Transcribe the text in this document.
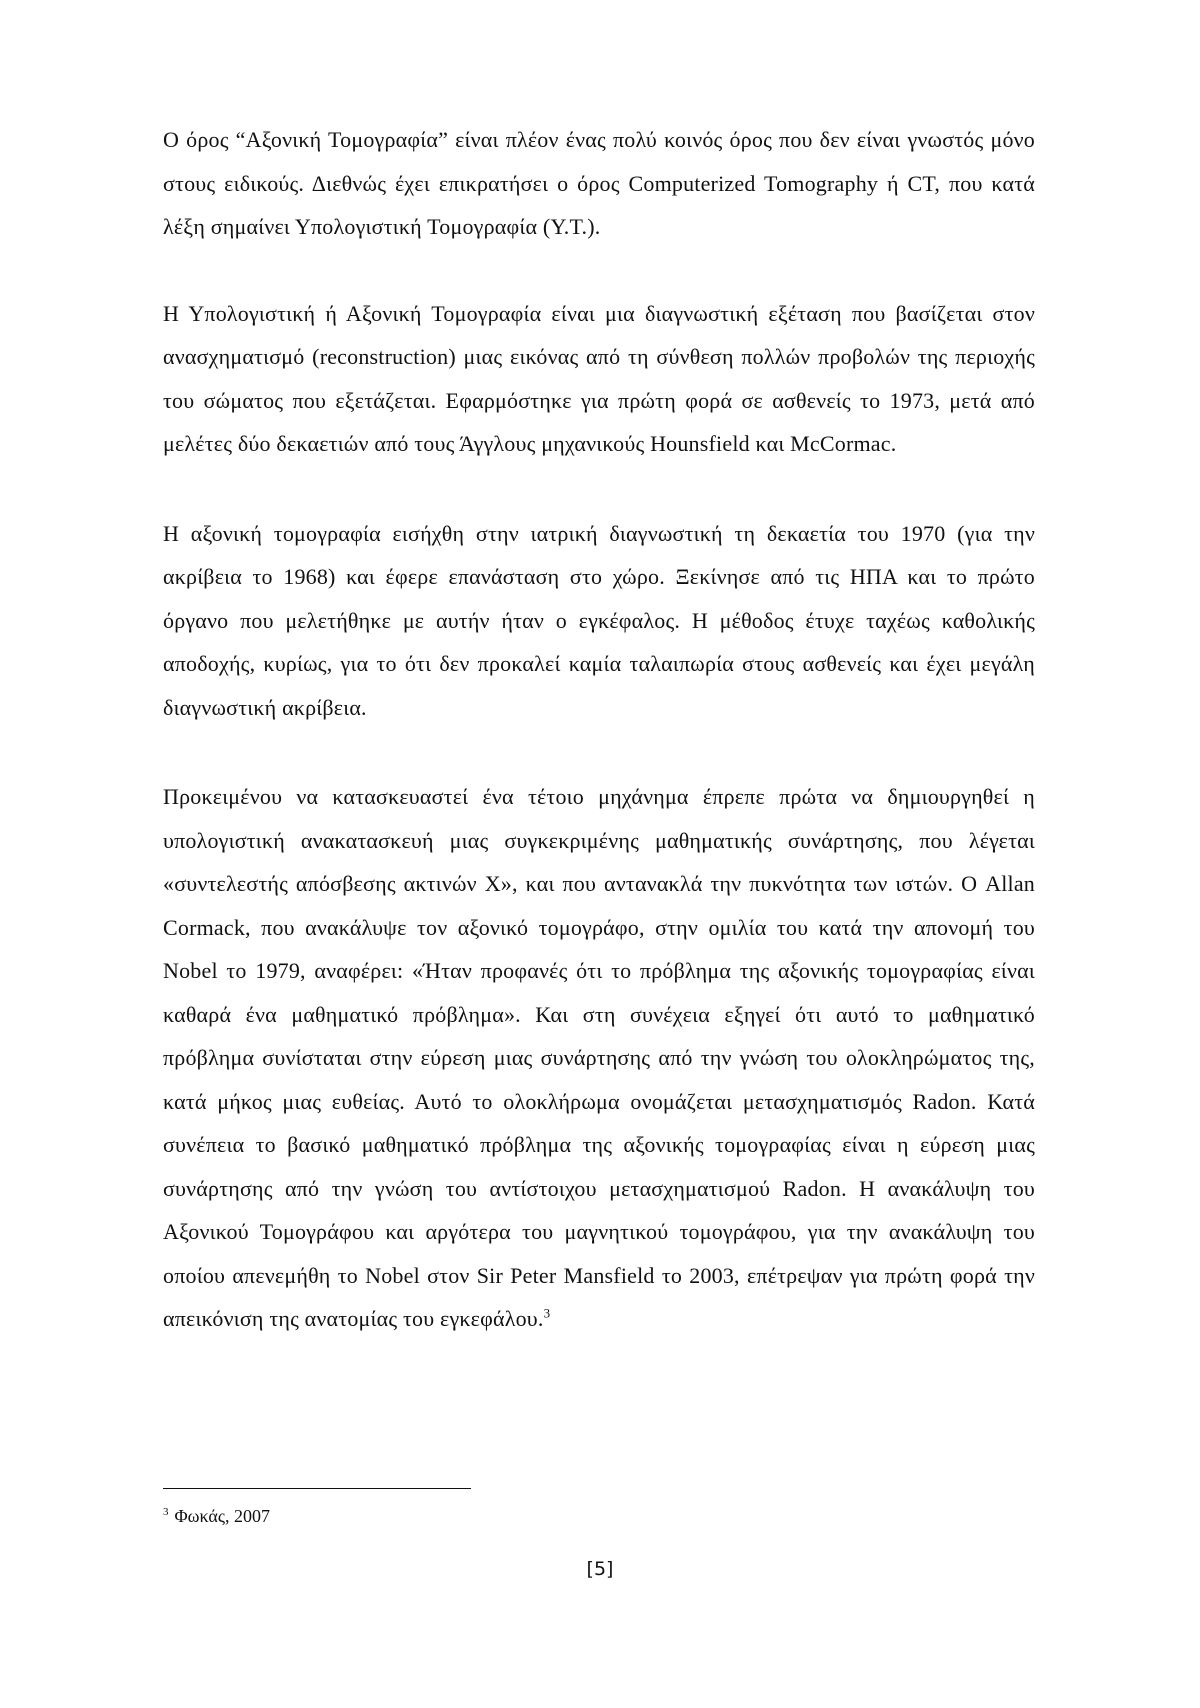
Ο όρος “Αξονική Τομογραφία” είναι πλέον ένας πολύ κοινός όρος που δεν είναι γνωστός μόνο στους ειδικούς. Διεθνώς έχει επικρατήσει ο όρος Computerized Tomography ή CT, που κατά λέξη σημαίνει Υπολογιστική Τομογραφία (Υ.Τ.).

Η Υπολογιστική ή Αξονική Τομογραφία είναι μια διαγνωστική εξέταση που βασίζεται στον ανασχηματισμό (reconstruction) μιας εικόνας από τη σύνθεση πολλών προβολών της περιοχής του σώματος που εξετάζεται. Εφαρμόστηκε για πρώτη φορά σε ασθενείς το 1973, μετά από μελέτες δύο δεκαετιών από τους Άγγλους μηχανικούς Hounsfield και McCormac.

Η αξονική τομογραφία εισήχθη στην ιατρική διαγνωστική τη δεκαετία του 1970 (για την ακρίβεια το 1968) και έφερε επανάσταση στο χώρο. Ξεκίνησε από τις ΗΠΑ και το πρώτο όργανο που μελετήθηκε με αυτήν ήταν ο εγκέφαλος. Η μέθοδος έτυχε ταχέως καθολικής αποδοχής, κυρίως, για το ότι δεν προκαλεί καμία ταλαιπωρία στους ασθενείς και έχει μεγάλη διαγνωστική ακρίβεια.

Προκειμένου να κατασκευαστεί ένα τέτοιο μηχάνημα έπρεπε πρώτα να δημιουργηθεί η υπολογιστική ανακατασκευή μιας συγκεκριμένης μαθηματικής συνάρτησης, που λέγεται «συντελεστής απόσβεσης ακτινών Χ», και που αντανακλά την πυκνότητα των ιστών. Ο Allan Cormack, που ανακάλυψε τον αξονικό τομογράφο, στην ομιλία του κατά την απονομή του Nobel το 1979, αναφέρει: «Ήταν προφανές ότι το πρόβλημα της αξονικής τομογραφίας είναι καθαρά ένα μαθηματικό πρόβλημα». Και στη συνέχεια εξηγεί ότι αυτό το μαθηματικό πρόβλημα συνίσταται στην εύρεση μιας συνάρτησης από την γνώση του ολοκληρώματος της, κατά μήκος μιας ευθείας. Αυτό το ολοκλήρωμα ονομάζεται μετασχηματισμός Radon. Κατά συνέπεια το βασικό μαθηματικό πρόβλημα της αξονικής τομογραφίας είναι η εύρεση μιας συνάρτησης από την γνώση του αντίστοιχου μετασχηματισμού Radon. Η ανακάλυψη του Αξονικού Τομογράφου και αργότερα του μαγνητικού τομογράφου, για την ανακάλυψη του οποίου απενεμήθη το Nobel στον Sir Peter Mansfield το 2003, επέτρεψαν για πρώτη φορά την απεικόνιση της ανατομίας του εγκεφάλου.$^3$

$^3$ Φωκάς, 2007
[5]
